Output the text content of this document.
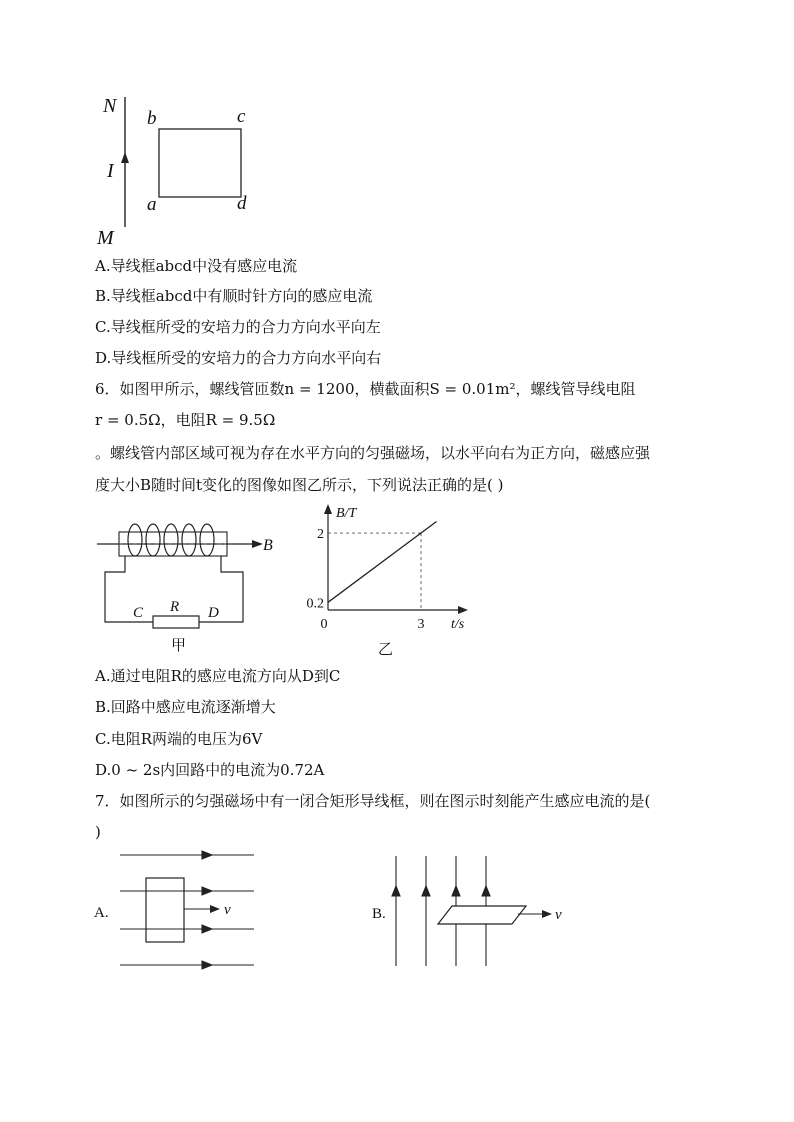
N
I
M
b	c
a	d
A.导线框abcd中没有感应电流
B.导线框abcd中有顺时针方向的感应电流
C.导线框所受的安培力的合力方向水平向左
D.导线框所受的安培力的合力方向水平向右
6．如图甲所示，螺线管匝数n = 1200，横截面积S = 0.01m²，螺线管导线电阻
r = 0.5Ω，电阻R = 9.5Ω
。螺线管内部区域可视为存在水平方向的匀强磁场，以水平向右为正方向，磁感应强
度大小B随时间t变化的图像如图乙所示，下列说法正确的是( )
B
C R D
甲
B/T
t/s
0
0.2
2
3
乙
A.通过电阻R的感应电流方向从D到C
B.回路中感应电流逐渐增大
C.电阻R两端的电压为6V
D.0 ~ 2s内回路中的电流为0.72A
7．如图所示的匀强磁场中有一闭合矩形导线框，则在图示时刻能产生感应电流的是(
)
A.	v	B.	v
